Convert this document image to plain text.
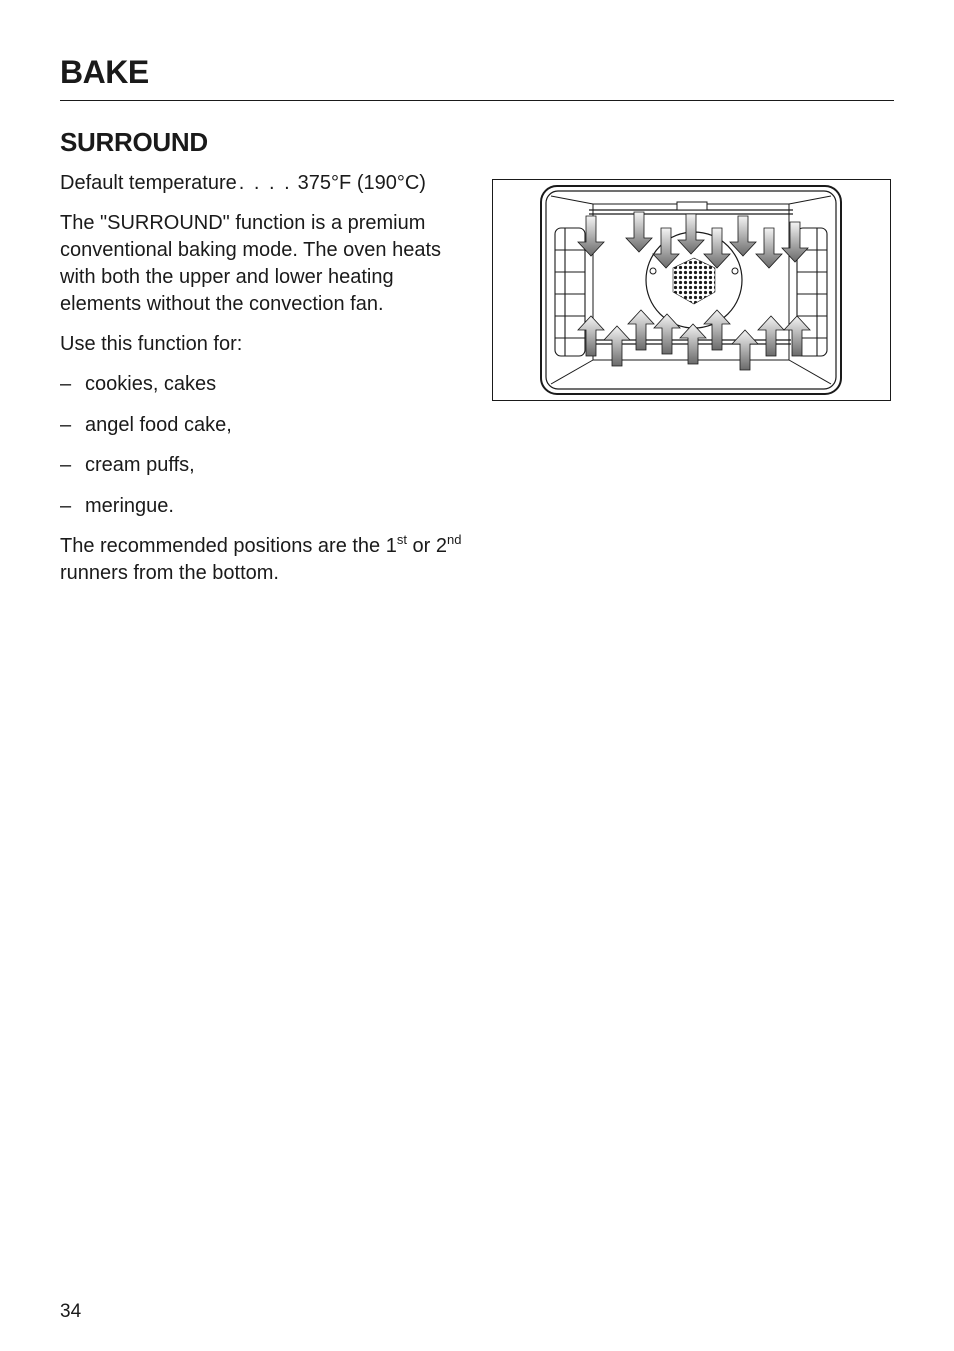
BAKE
SURROUND

Default temperature . . . . 375°F (190°C)

The "SURROUND" function is a premium conventional baking mode. The oven heats with both the upper and lower heating elements without the convection fan.

Use this function for:

– cookies, cakes
– angel food cake,
– cream puffs,
– meringue.

The recommended positions are the 1st or 2nd runners from the bottom.

34
